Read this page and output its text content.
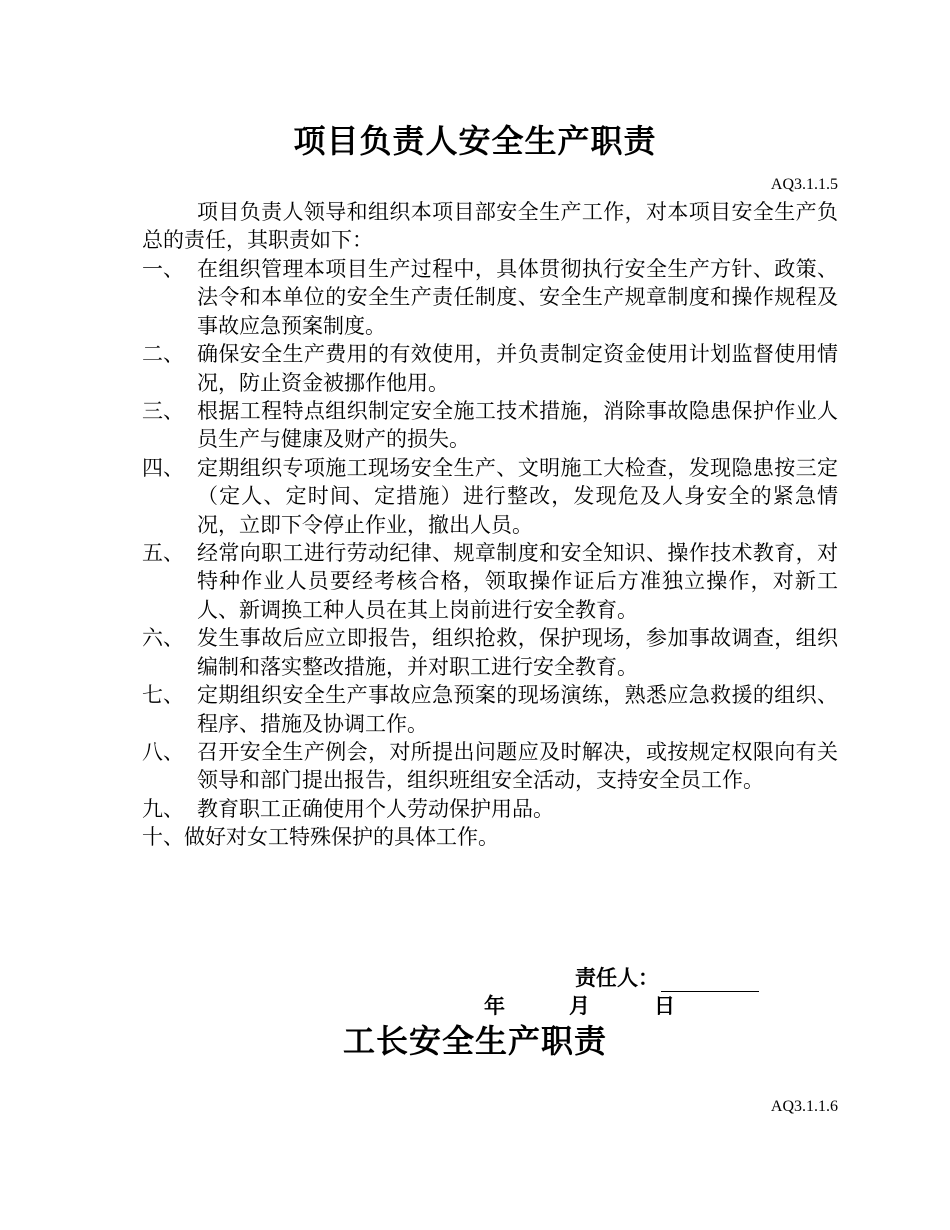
项目负责人安全生产职责
AQ3.1.1.5
项目负责人领导和组织本项目部安全生产工作，对本项目安全生产负总的责任，其职责如下：
一、 在组织管理本项目生产过程中，具体贯彻执行安全生产方针、政策、法令和本单位的安全生产责任制度、安全生产规章制度和操作规程及事故应急预案制度。
二、 确保安全生产费用的有效使用，并负责制定资金使用计划监督使用情况，防止资金被挪作他用。
三、 根据工程特点组织制定安全施工技术措施，消除事故隐患保护作业人员生产与健康及财产的损失。
四、 定期组织专项施工现场安全生产、文明施工大检查，发现隐患按三定（定人、定时间、定措施）进行整改，发现危及人身安全的紧急情况，立即下令停止作业，撤出人员。
五、 经常向职工进行劳动纪律、规章制度和安全知识、操作技术教育，对特种作业人员要经考核合格，领取操作证后方准独立操作，对新工人、新调换工种人员在其上岗前进行安全教育。
六、 发生事故后应立即报告，组织抢救，保护现场，参加事故调查，组织编制和落实整改措施，并对职工进行安全教育。
七、 定期组织安全生产事故应急预案的现场演练，熟悉应急救援的组织、程序、措施及协调工作。
八、 召开安全生产例会，对所提出问题应及时解决，或按规定权限向有关领导和部门提出报告，组织班组安全活动，支持安全员工作。
九、 教育职工正确使用个人劳动保护用品。
十、做好对女工特殊保护的具体工作。
责任人：
年	月	日
工长安全生产职责
AQ3.1.1.6
